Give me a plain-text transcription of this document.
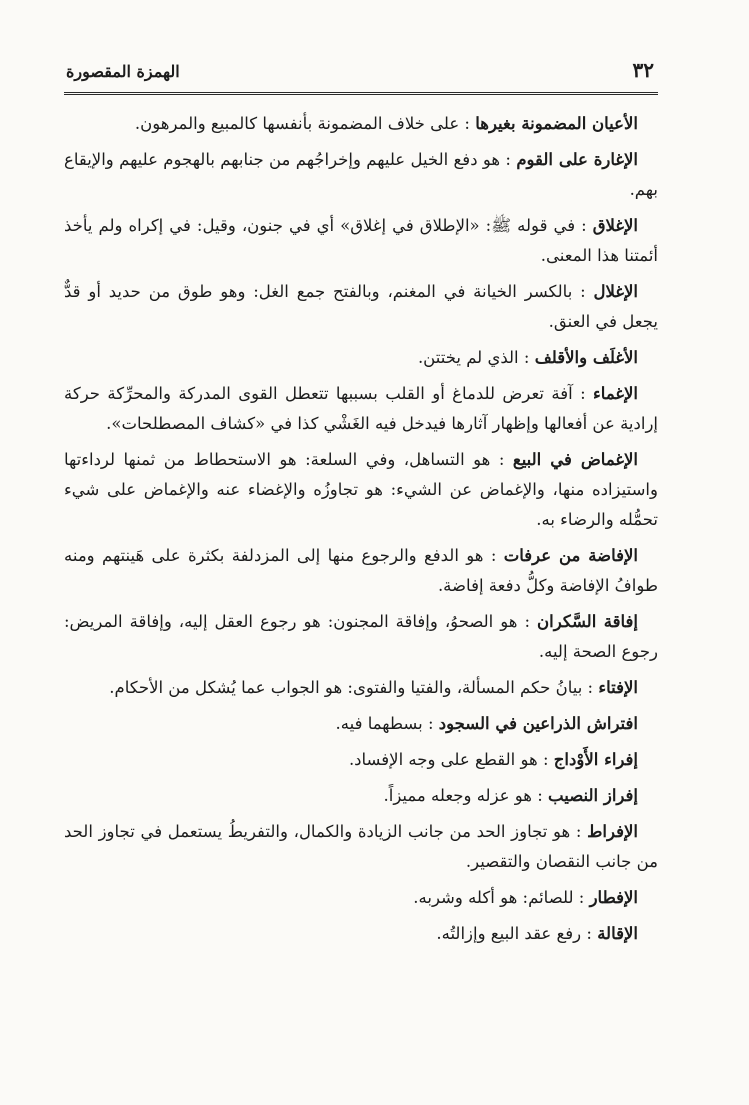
٣٢
الهمزة المقصورة

الأعيان المضمونة بغيرها : على خلاف المضمونة بأنفسها كالمبيع والمرهون.

الإغارة على القوم : هو دفع الخيل عليهم وإخراجُهم من جنابهم بالهجوم عليهم والإيقاع بهم.

الإغلاق : في قوله ﷺ: «الإطلاق في إغلاق» أي في جنون، وقيل: في إكراه ولم يأخذ أئمتنا هذا المعنى.

الإغلال : بالكسر الخيانة في المغنم، وبالفتح جمع الغل: وهو طوق من حديد أو قدٌّ يجعل في العنق.

الأغلَف والأقلف : الذي لم يختتن.

الإغماء : آفة تعرض للدماغ أو القلب بسببها تتعطل القوى المدركة والمحرِّكة حركة إرادية عن أفعالها وإظهار آثارها فيدخل فيه الغَشْي كذا في «كشاف المصطلحات».

الإغماض في البيع : هو التساهل، وفي السلعة: هو الاستحطاط من ثمنها لرداءتها واستيزاده منها، والإغماض عن الشيء: هو تجاوزُه والإغضاء عنه والإغماض على شيء تحمُّله والرضاء به.

الإفاضة من عرفات : هو الدفع والرجوع منها إلى المزدلفة بكثرة على هَينتهم ومنه طوافُ الإفاضة وكلُّ دفعة إفاضة.

إفاقة السَّكران : هو الصحوُ، وإفاقة المجنون: هو رجوع العقل إليه، وإفاقة المريض: رجوع الصحة إليه.

الإفتاء : بيانُ حكم المسألة، والفتيا والفتوى: هو الجواب عما يُشكل من الأحكام.

افتراش الذراعين في السجود : بسطهما فيه.

إفراء الأَوْداج : هو القطع على وجه الإفساد.

إفراز النصيب : هو عزله وجعله مميزاً.

الإفراط : هو تجاوز الحد من جانب الزيادة والكمال، والتفريطُ يستعمل في تجاوز الحد من جانب النقصان والتقصير.

الإفطار : للصائم: هو أكله وشربه.

الإقالة : رفع عقد البيع وإزالتُه.
